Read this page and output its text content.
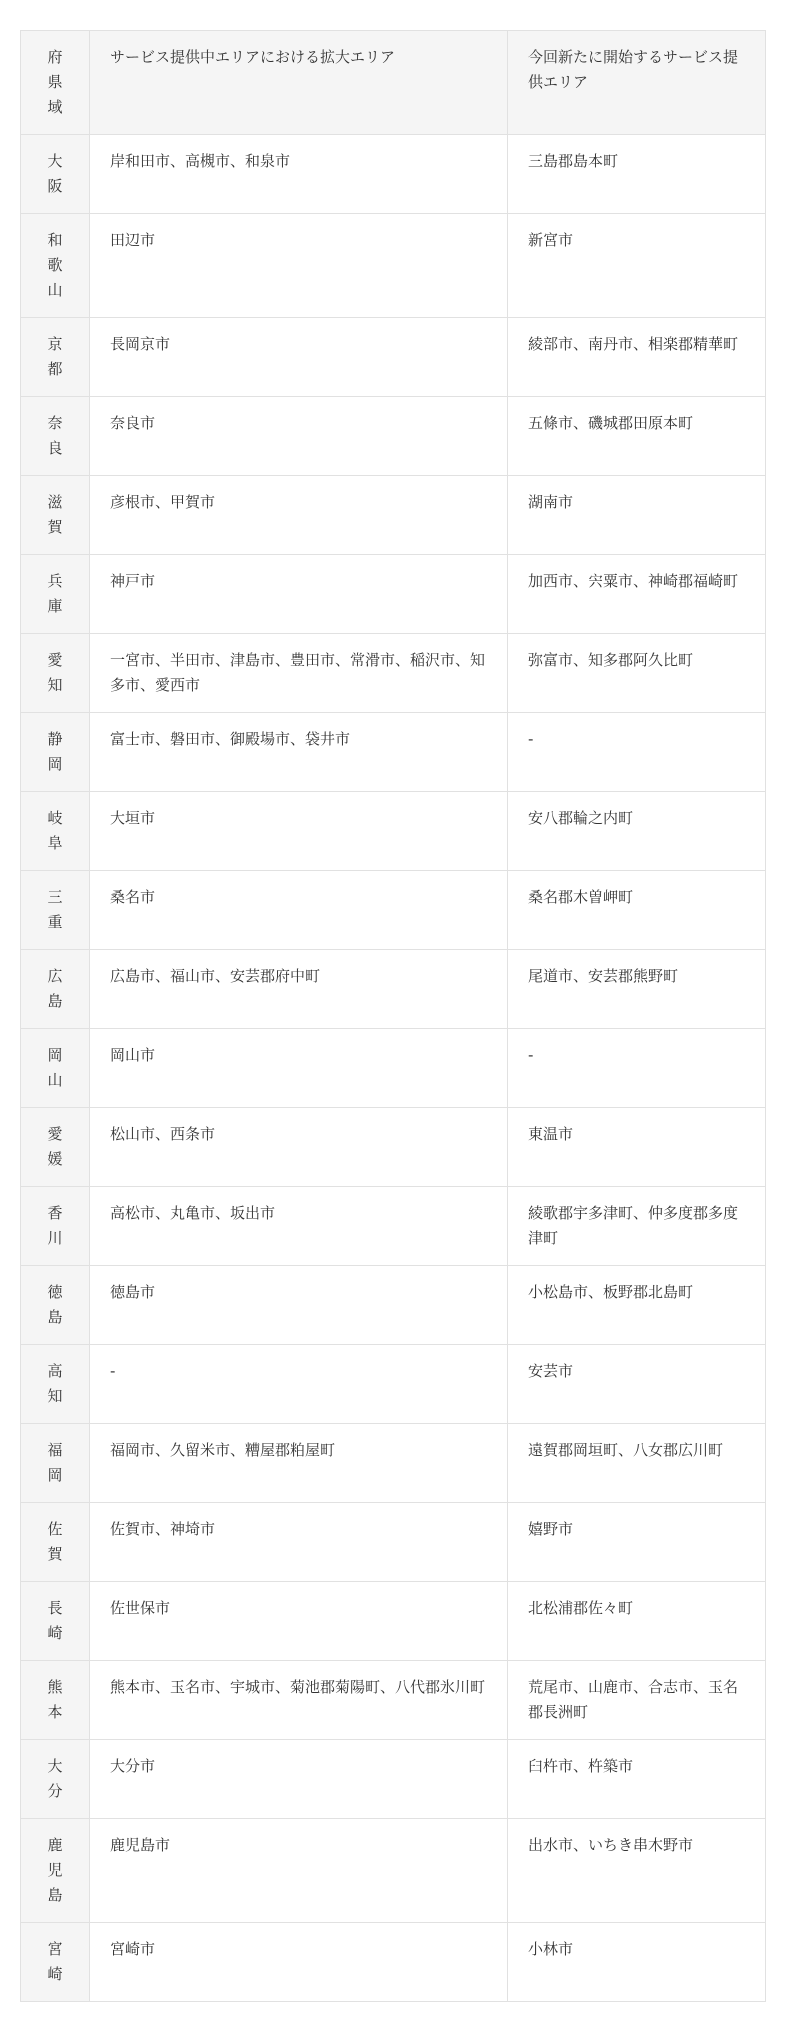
府県域	サービス提供中エリアにおける拡大エリア	今回新たに開始するサービス提供エリア
大阪	岸和田市、高槻市、和泉市	三島郡島本町
和歌山	田辺市	新宮市
京都	長岡京市	綾部市、南丹市、相楽郡精華町
奈良	奈良市	五條市、磯城郡田原本町
滋賀	彦根市、甲賀市	湖南市
兵庫	神戸市	加西市、宍粟市、神崎郡福崎町
愛知	一宮市、半田市、津島市、豊田市、常滑市、稲沢市、知多市、愛西市	弥富市、知多郡阿久比町
静岡	富士市、磐田市、御殿場市、袋井市	-
岐阜	大垣市	安八郡輪之内町
三重	桑名市	桑名郡木曽岬町
広島	広島市、福山市、安芸郡府中町	尾道市、安芸郡熊野町
岡山	岡山市	-
愛媛	松山市、西条市	東温市
香川	高松市、丸亀市、坂出市	綾歌郡宇多津町、仲多度郡多度津町
徳島	徳島市	小松島市、板野郡北島町
高知	-	安芸市
福岡	福岡市、久留米市、糟屋郡粕屋町	遠賀郡岡垣町、八女郡広川町
佐賀	佐賀市、神埼市	嬉野市
長崎	佐世保市	北松浦郡佐々町
熊本	熊本市、玉名市、宇城市、菊池郡菊陽町、八代郡氷川町	荒尾市、山鹿市、合志市、玉名郡長洲町
大分	大分市	臼杵市、杵築市
鹿児島	鹿児島市	出水市、いちき串木野市
宮崎	宮崎市	小林市
